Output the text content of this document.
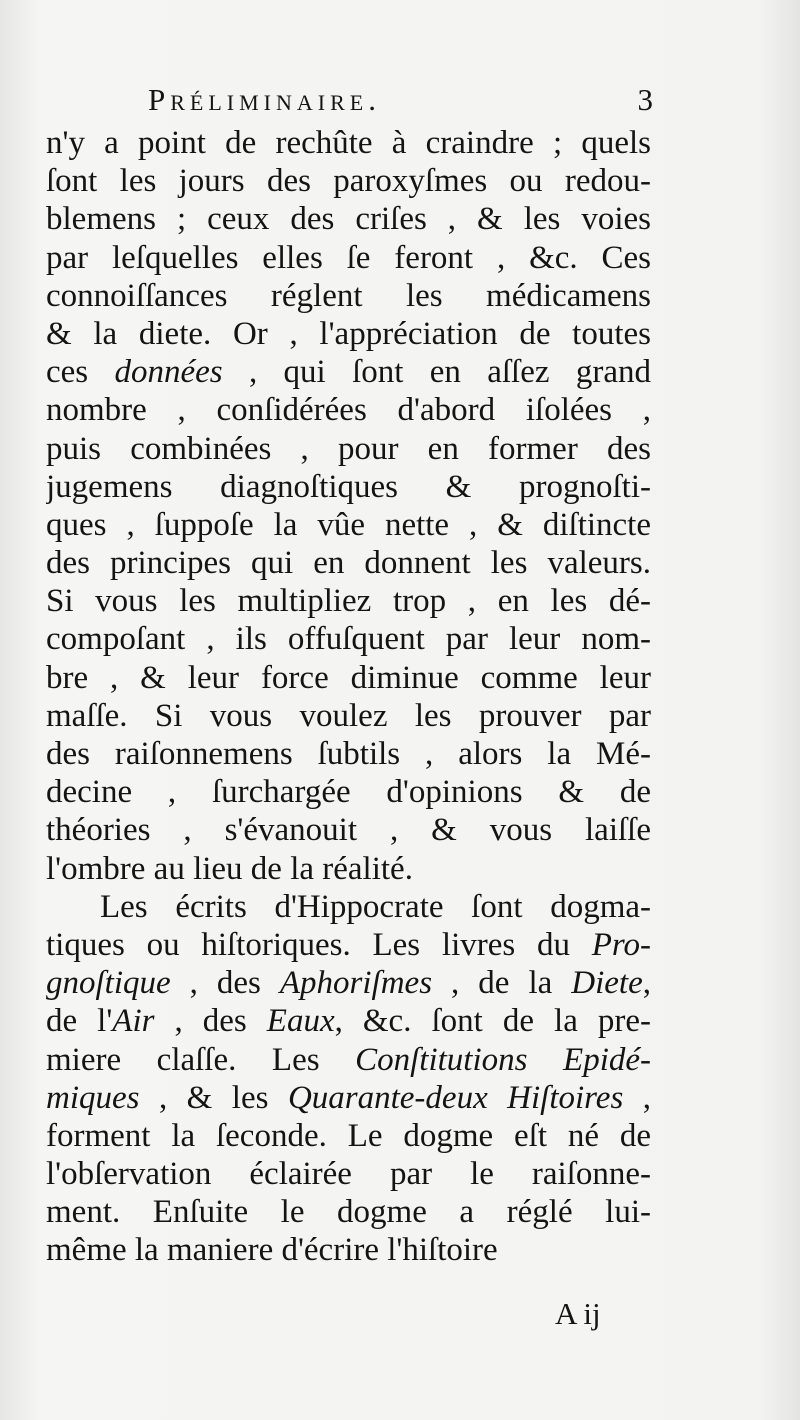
Préliminaire.	3
n'y a point de rechûte à craindre ; quels
ſont les jours des paroxyſmes ou redou-
blemens ; ceux des criſes , & les voies
par leſquelles elles ſe feront , &c. Ces
connoiſſances réglent les médicamens
& la diete. Or , l'appréciation de toutes
ces données , qui ſont en aſſez grand
nombre , conſidérées d'abord iſolées ,
puis combinées , pour en former des
jugemens diagnoſtiques & prognoſti-
ques , ſuppoſe la vûe nette , & diſtincte
des principes qui en donnent les valeurs.
Si vous les multipliez trop , en les dé-
compoſant , ils offuſquent par leur nom-
bre , & leur force diminue comme leur
maſſe. Si vous voulez les prouver par
des raiſonnemens ſubtils , alors la Mé-
decine , ſurchargée d'opinions & de
théories , s'évanouit , & vous laiſſe
l'ombre au lieu de la réalité.
Les écrits d'Hippocrate ſont dogma-
tiques ou hiſtoriques. Les livres du Pro-
gnoſtique , des Aphoriſmes , de la Diete,
de l'Air , des Eaux, &c. ſont de la pre-
miere claſſe. Les Conſtitutions Epidé-
miques , & les Quarante-deux Hiſtoires ,
forment la ſeconde. Le dogme eſt né de
l'obſervation éclairée par le raiſonne-
ment. Enſuite le dogme a réglé lui-
même la maniere d'écrire l'hiſtoire
A ij
